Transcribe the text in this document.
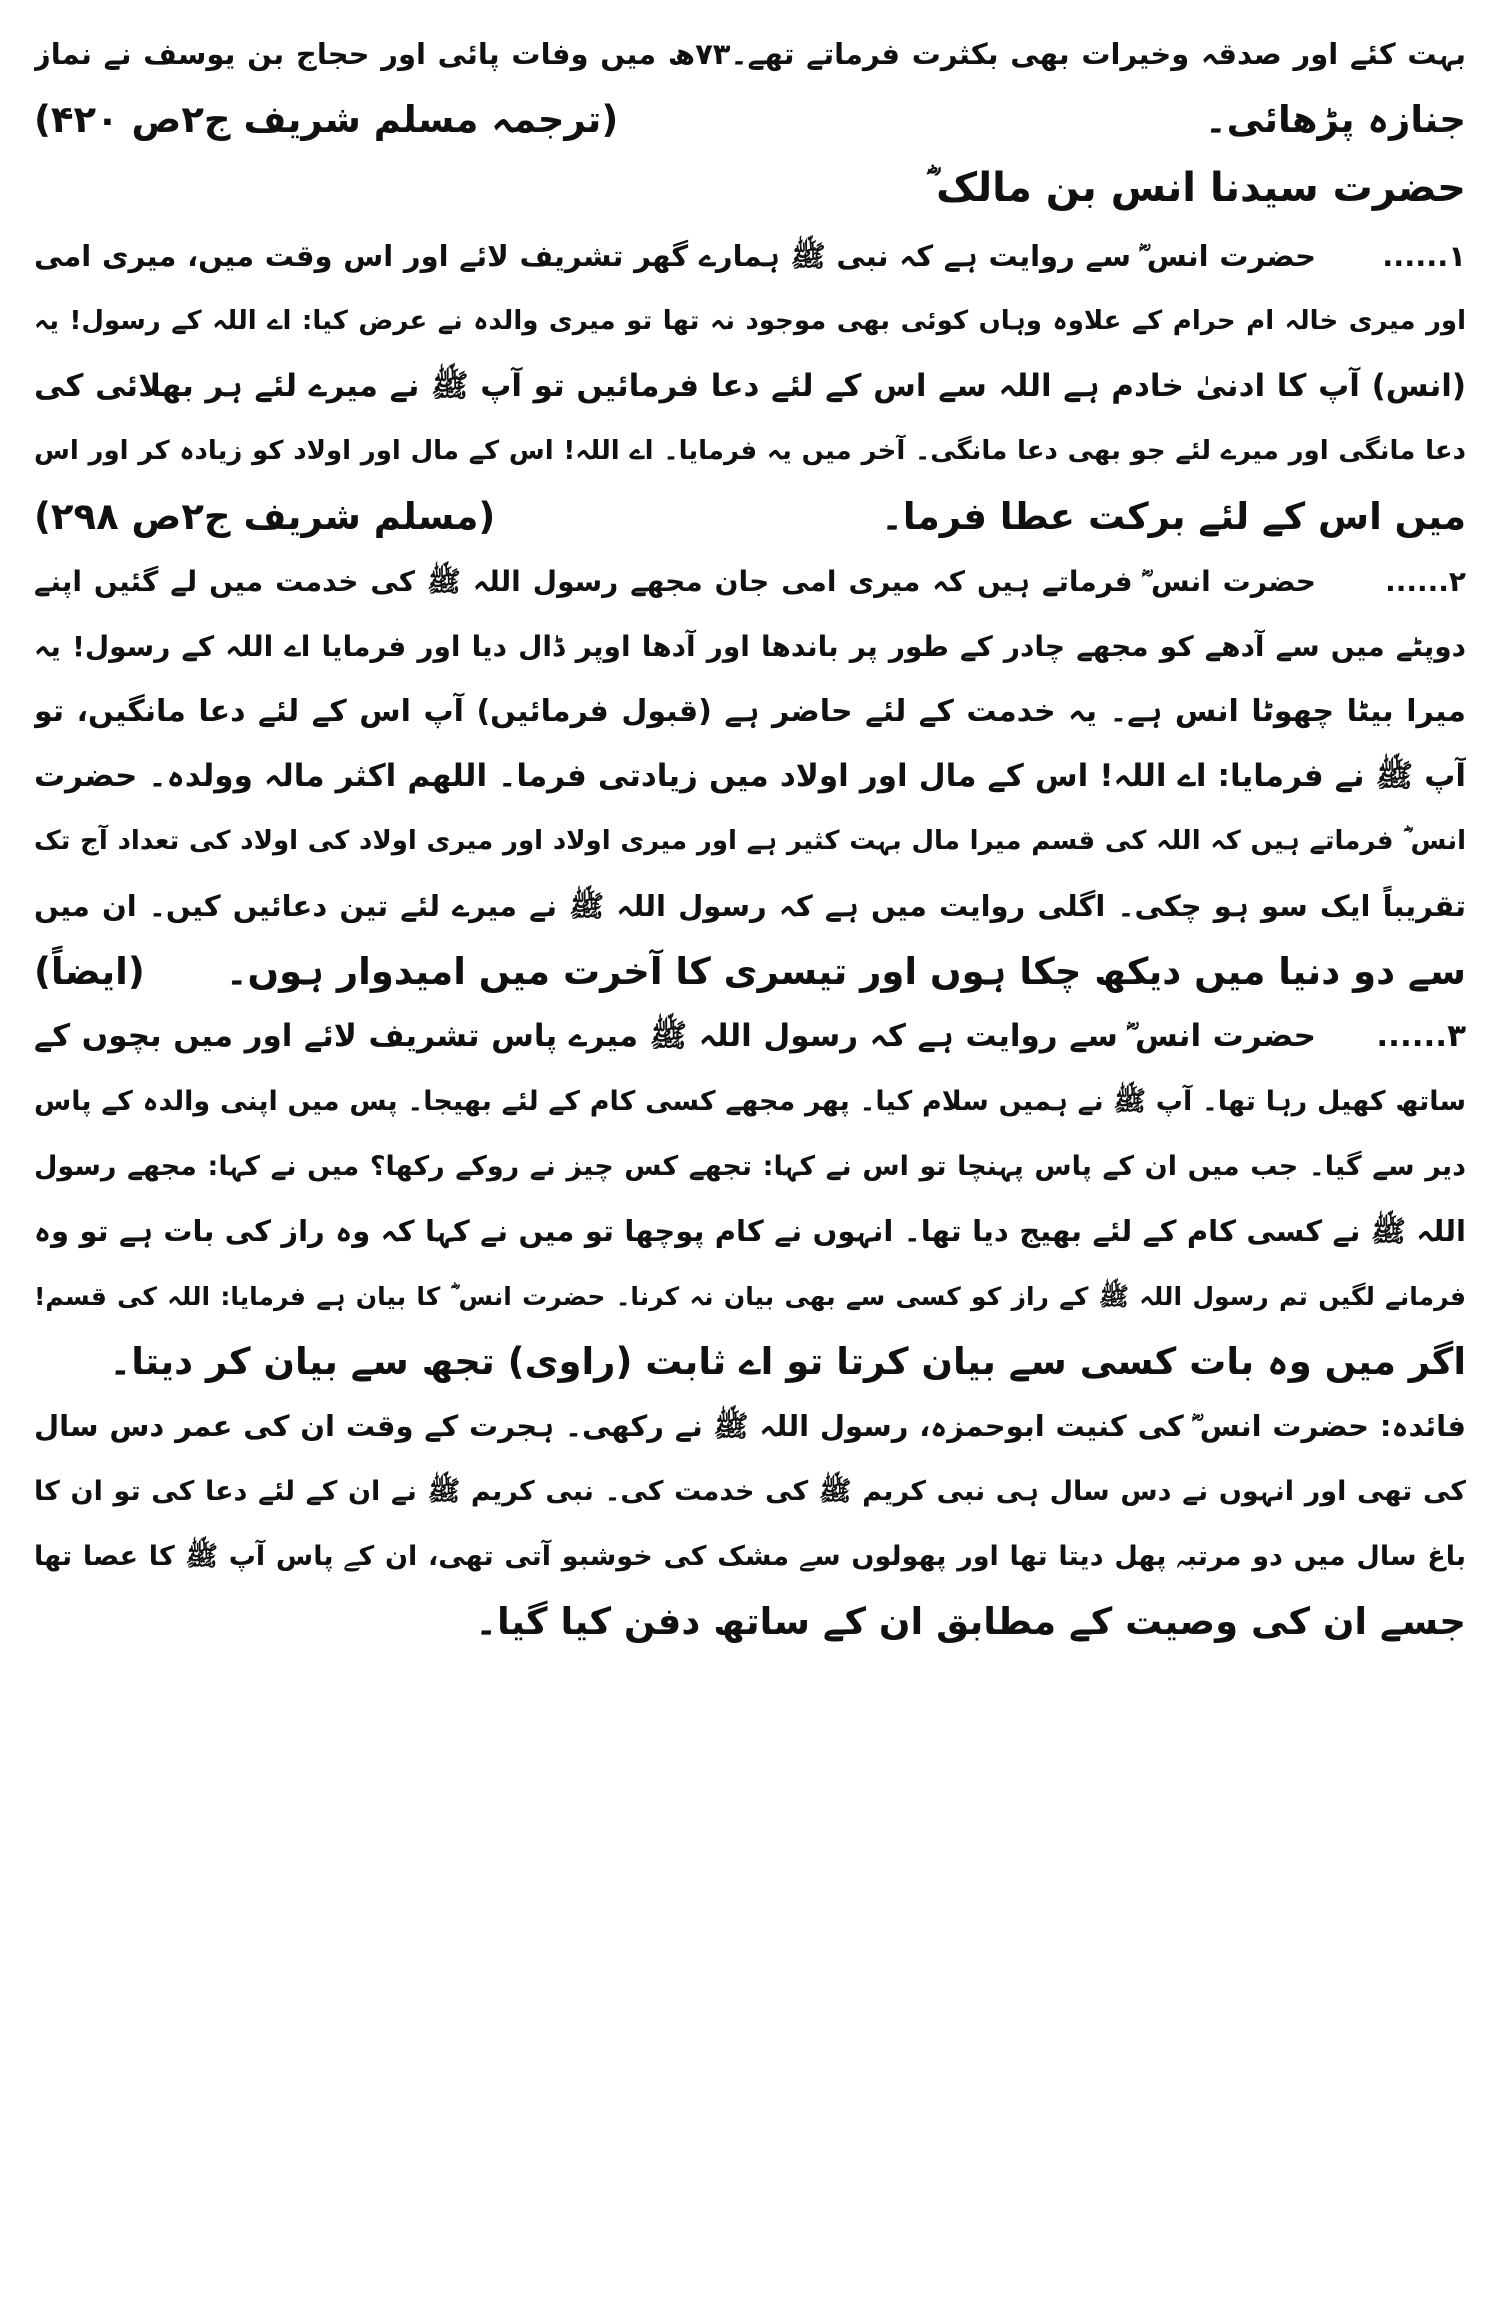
بہت کئے اور صدقہ وخیرات بھی بکثرت فرماتے تھے۔۷۳ھ میں وفات پائی اور حجاج بن یوسف نے نماز
جنازہ پڑھائی۔
(ترجمہ مسلم شریف ج۲ص ۴۲۰)
حضرت سیدنا انس بن مالک ؓ
۱......حضرت انس ؓ سے روایت ہے کہ نبی ﷺ ہمارے گھر تشریف لائے اور اس وقت میں، میری امی
اور میری خالہ ام حرام کے علاوہ وہاں کوئی بھی موجود نہ تھا تو میری والدہ نے عرض کیا: اے اللہ کے رسول! یہ
(انس) آپ کا ادنیٰ خادم ہے اللہ سے اس کے لئے دعا فرمائیں تو آپ ﷺ نے میرے لئے ہر بھلائی کی
دعا مانگی اور میرے لئے جو بھی دعا مانگی۔ آخر میں یہ فرمایا۔ اے اللہ! اس کے مال اور اولاد کو زیادہ کر اور اس
میں اس کے لئے برکت عطا فرما۔
(مسلم شریف ج۲ص ۲۹۸)
۲......حضرت انس ؓ فرماتے ہیں کہ میری امی جان مجھے رسول اللہ ﷺ کی خدمت میں لے گئیں اپنے
دوپٹے میں سے آدھے کو مجھے چادر کے طور پر باندھا اور آدھا اوپر ڈال دیا اور فرمایا اے اللہ کے رسول! یہ
میرا بیٹا چھوٹا انس ہے۔ یہ خدمت کے لئے حاضر ہے (قبول فرمائیں) آپ اس کے لئے دعا مانگیں، تو
آپ ﷺ نے فرمایا: اے اللہ! اس کے مال اور اولاد میں زیادتی فرما۔ اللھم اکثر مالہ وولدہ۔ حضرت
انس ؓ فرماتے ہیں کہ اللہ کی قسم میرا مال بہت کثیر ہے اور میری اولاد اور میری اولاد کی اولاد کی تعداد آج تک
تقریباً ایک سو ہو چکی۔ اگلی روایت میں ہے کہ رسول اللہ ﷺ نے میرے لئے تین دعائیں کیں۔ ان میں
سے دو دنیا میں دیکھ چکا ہوں اور تیسری کا آخرت میں امیدوار ہوں۔
(ایضاً)
۳......حضرت انس ؓ سے روایت ہے کہ رسول اللہ ﷺ میرے پاس تشریف لائے اور میں بچوں کے
ساتھ کھیل رہا تھا۔ آپ ﷺ نے ہمیں سلام کیا۔ پھر مجھے کسی کام کے لئے بھیجا۔ پس میں اپنی والدہ کے پاس
دیر سے گیا۔ جب میں ان کے پاس پہنچا تو اس نے کہا: تجھے کس چیز نے روکے رکھا؟ میں نے کہا: مجھے رسول
اللہ ﷺ نے کسی کام کے لئے بھیج دیا تھا۔ انہوں نے کام پوچھا تو میں نے کہا کہ وہ راز کی بات ہے تو وہ
فرمانے لگیں تم رسول اللہ ﷺ کے راز کو کسی سے بھی بیان نہ کرنا۔ حضرت انس ؓ کا بیان ہے فرمایا: اللہ کی قسم!
اگر میں وہ بات کسی سے بیان کرتا تو اے ثابت (راوی) تجھ سے بیان کر دیتا۔
فائدہ: حضرت انس ؓ کی کنیت ابوحمزہ، رسول اللہ ﷺ نے رکھی۔ ہجرت کے وقت ان کی عمر دس سال
کی تھی اور انہوں نے دس سال ہی نبی کریم ﷺ کی خدمت کی۔ نبی کریم ﷺ نے ان کے لئے دعا کی تو ان کا
باغ سال میں دو مرتبہ پھل دیتا تھا اور پھولوں سے مشک کی خوشبو آتی تھی، ان کے پاس آپ ﷺ کا عصا تھا
جسے ان کی وصیت کے مطابق ان کے ساتھ دفن کیا گیا۔
